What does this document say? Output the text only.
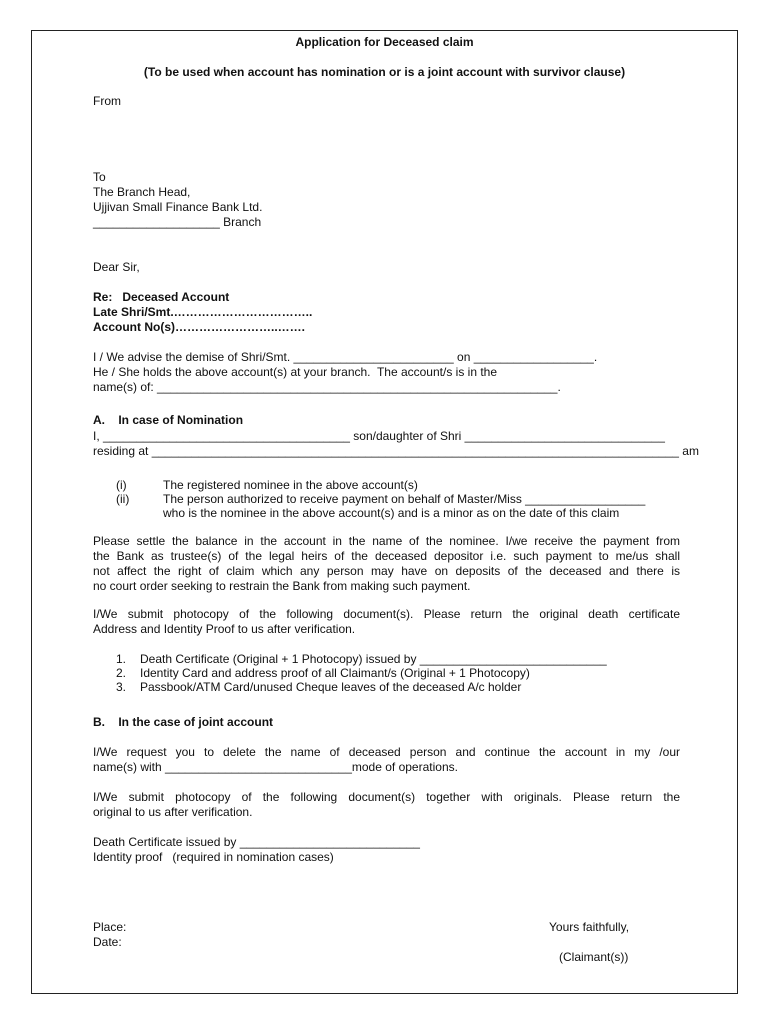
Application for Deceased claim
(To be used when account has nomination or is a joint account with survivor clause)
From
To
The Branch Head,
Ujjivan Small Finance Bank Ltd.
___________________ Branch
Dear Sir,
Re:   Deceased Account
Late Shri/Smt.……………………………..
Account No(s)……………………..…….
I / We advise the demise of Shri/Smt. ________________________ on __________________.
He / She holds the above account(s) at your branch.  The account/s is in the
name(s) of: ____________________________________________________________.
A.    In case of Nomination
I, _____________________________________ son/daughter of Shri ______________________________
residing at _______________________________________________________________________________ am
(i)	The registered nominee in the above account(s)
(ii)	The person authorized to receive payment on behalf of Master/Miss __________________
who is the nominee in the above account(s) and is a minor as on the date of this claim
Please settle the balance in the account in the name of the nominee. I/we receive the payment from
the Bank as trustee(s) of the legal heirs of the deceased depositor i.e. such payment to me/us shall
not affect the right of claim which any person may have on deposits of the deceased and there is
no court order seeking to restrain the Bank from making such payment.
I/We submit photocopy of the following document(s). Please return the original death certificate
Address and Identity Proof to us after verification.
1. Death Certificate (Original + 1 Photocopy) issued by ____________________________
2. Identity Card and address proof of all Claimant/s (Original + 1 Photocopy)
3. Passbook/ATM Card/unused Cheque leaves of the deceased A/c holder
B.    In the case of joint account
I/We request you to delete the name of deceased person and continue the account in my /our
name(s) with ____________________________mode of operations.
I/We submit photocopy of the following document(s) together with originals. Please return the
original to us after verification.
Death Certificate issued by ___________________________
Identity proof   (required in nomination cases)
Place:
Date:
Yours faithfully,
(Claimant(s))
